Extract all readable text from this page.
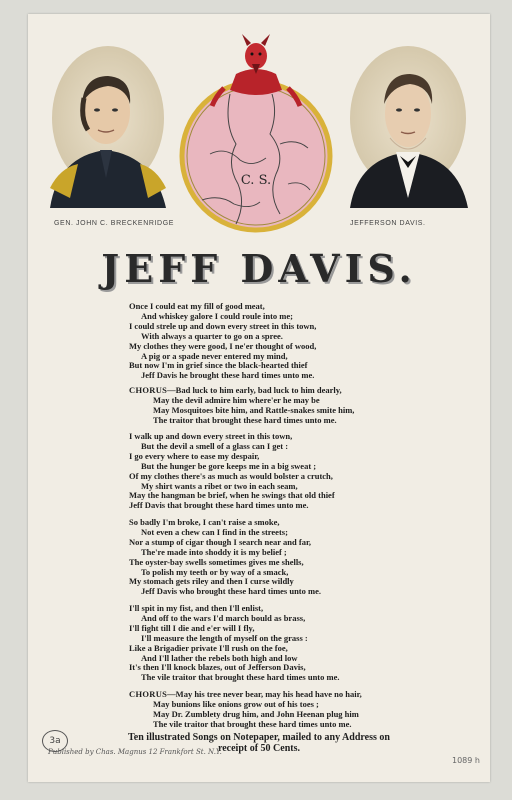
GEN. JOHN C. BRECKENRIDGE	JEFFERSON DAVIS.
C. S.
JEFF DAVIS.
Once I could eat my fill of good meat,
And whiskey galore I could roule into me;
I could strele up and down every street in this town,
With always a quarter to go on a spree.
My clothes they were good, I ne'er thought of wood,
A pig or a spade never entered my mind,
But now I'm in grief since the black-hearted thief
Jeff Davis he brought these hard times unto me.
CHORUS—Bad luck to him early, bad luck to him dearly,
May the devil admire him where'er he may be
May Mosquitoes bite him, and Rattle-snakes smite him,
The traitor that brought these hard times unto me.
I walk up and down every street in this town,
But the devil a smell of a glass can I get :
I go every where to ease my despair,
But the hunger be gore keeps me in a big sweat ;
Of my clothes there's as much as would bolster a crutch,
My shirt wants a ribet or two in each seam,
May the hangman be brief, when he swings that old thief
Jeff Davis that brought these hard times unto me.
So badly I'm broke, I can't raise a smoke,
Not even a chew can I find in the streets;
Nor a stump of cigar though I search near and far,
The're made into shoddy it is my belief ;
The oyster-bay swells sometimes gives me shells,
To polish my teeth or by way of a smack,
My stomach gets riley and then I curse wildly
Jeff Davis who brought these hard times unto me.
I'll spit in my fist, and then I'll enlist,
And off to the wars I'd march bould as brass,
I'll fight till I die and e'er will I fly,
I'll measure the length of myself on the grass :
Like a Brigadier private I'll rush on the foe,
And I'll lather the rebels both high and low
It's then I'll knock blazes, out of Jefferson Davis,
The vile traitor that brought these hard times unto me.
CHORUS—May his tree never bear, may his head have no hair,
May bunions like onions grow out of his toes ;
May Dr. Zumblety drug him, and John Heenan plug him
The vile traitor that brought these hard times unto me.
Ten illustrated Songs on Notepaper, mailed to any Address on
receipt of 50 Cents.
3a
Published by Chas. Magnus 12 Frankfort St. N.Y.
1089 h
